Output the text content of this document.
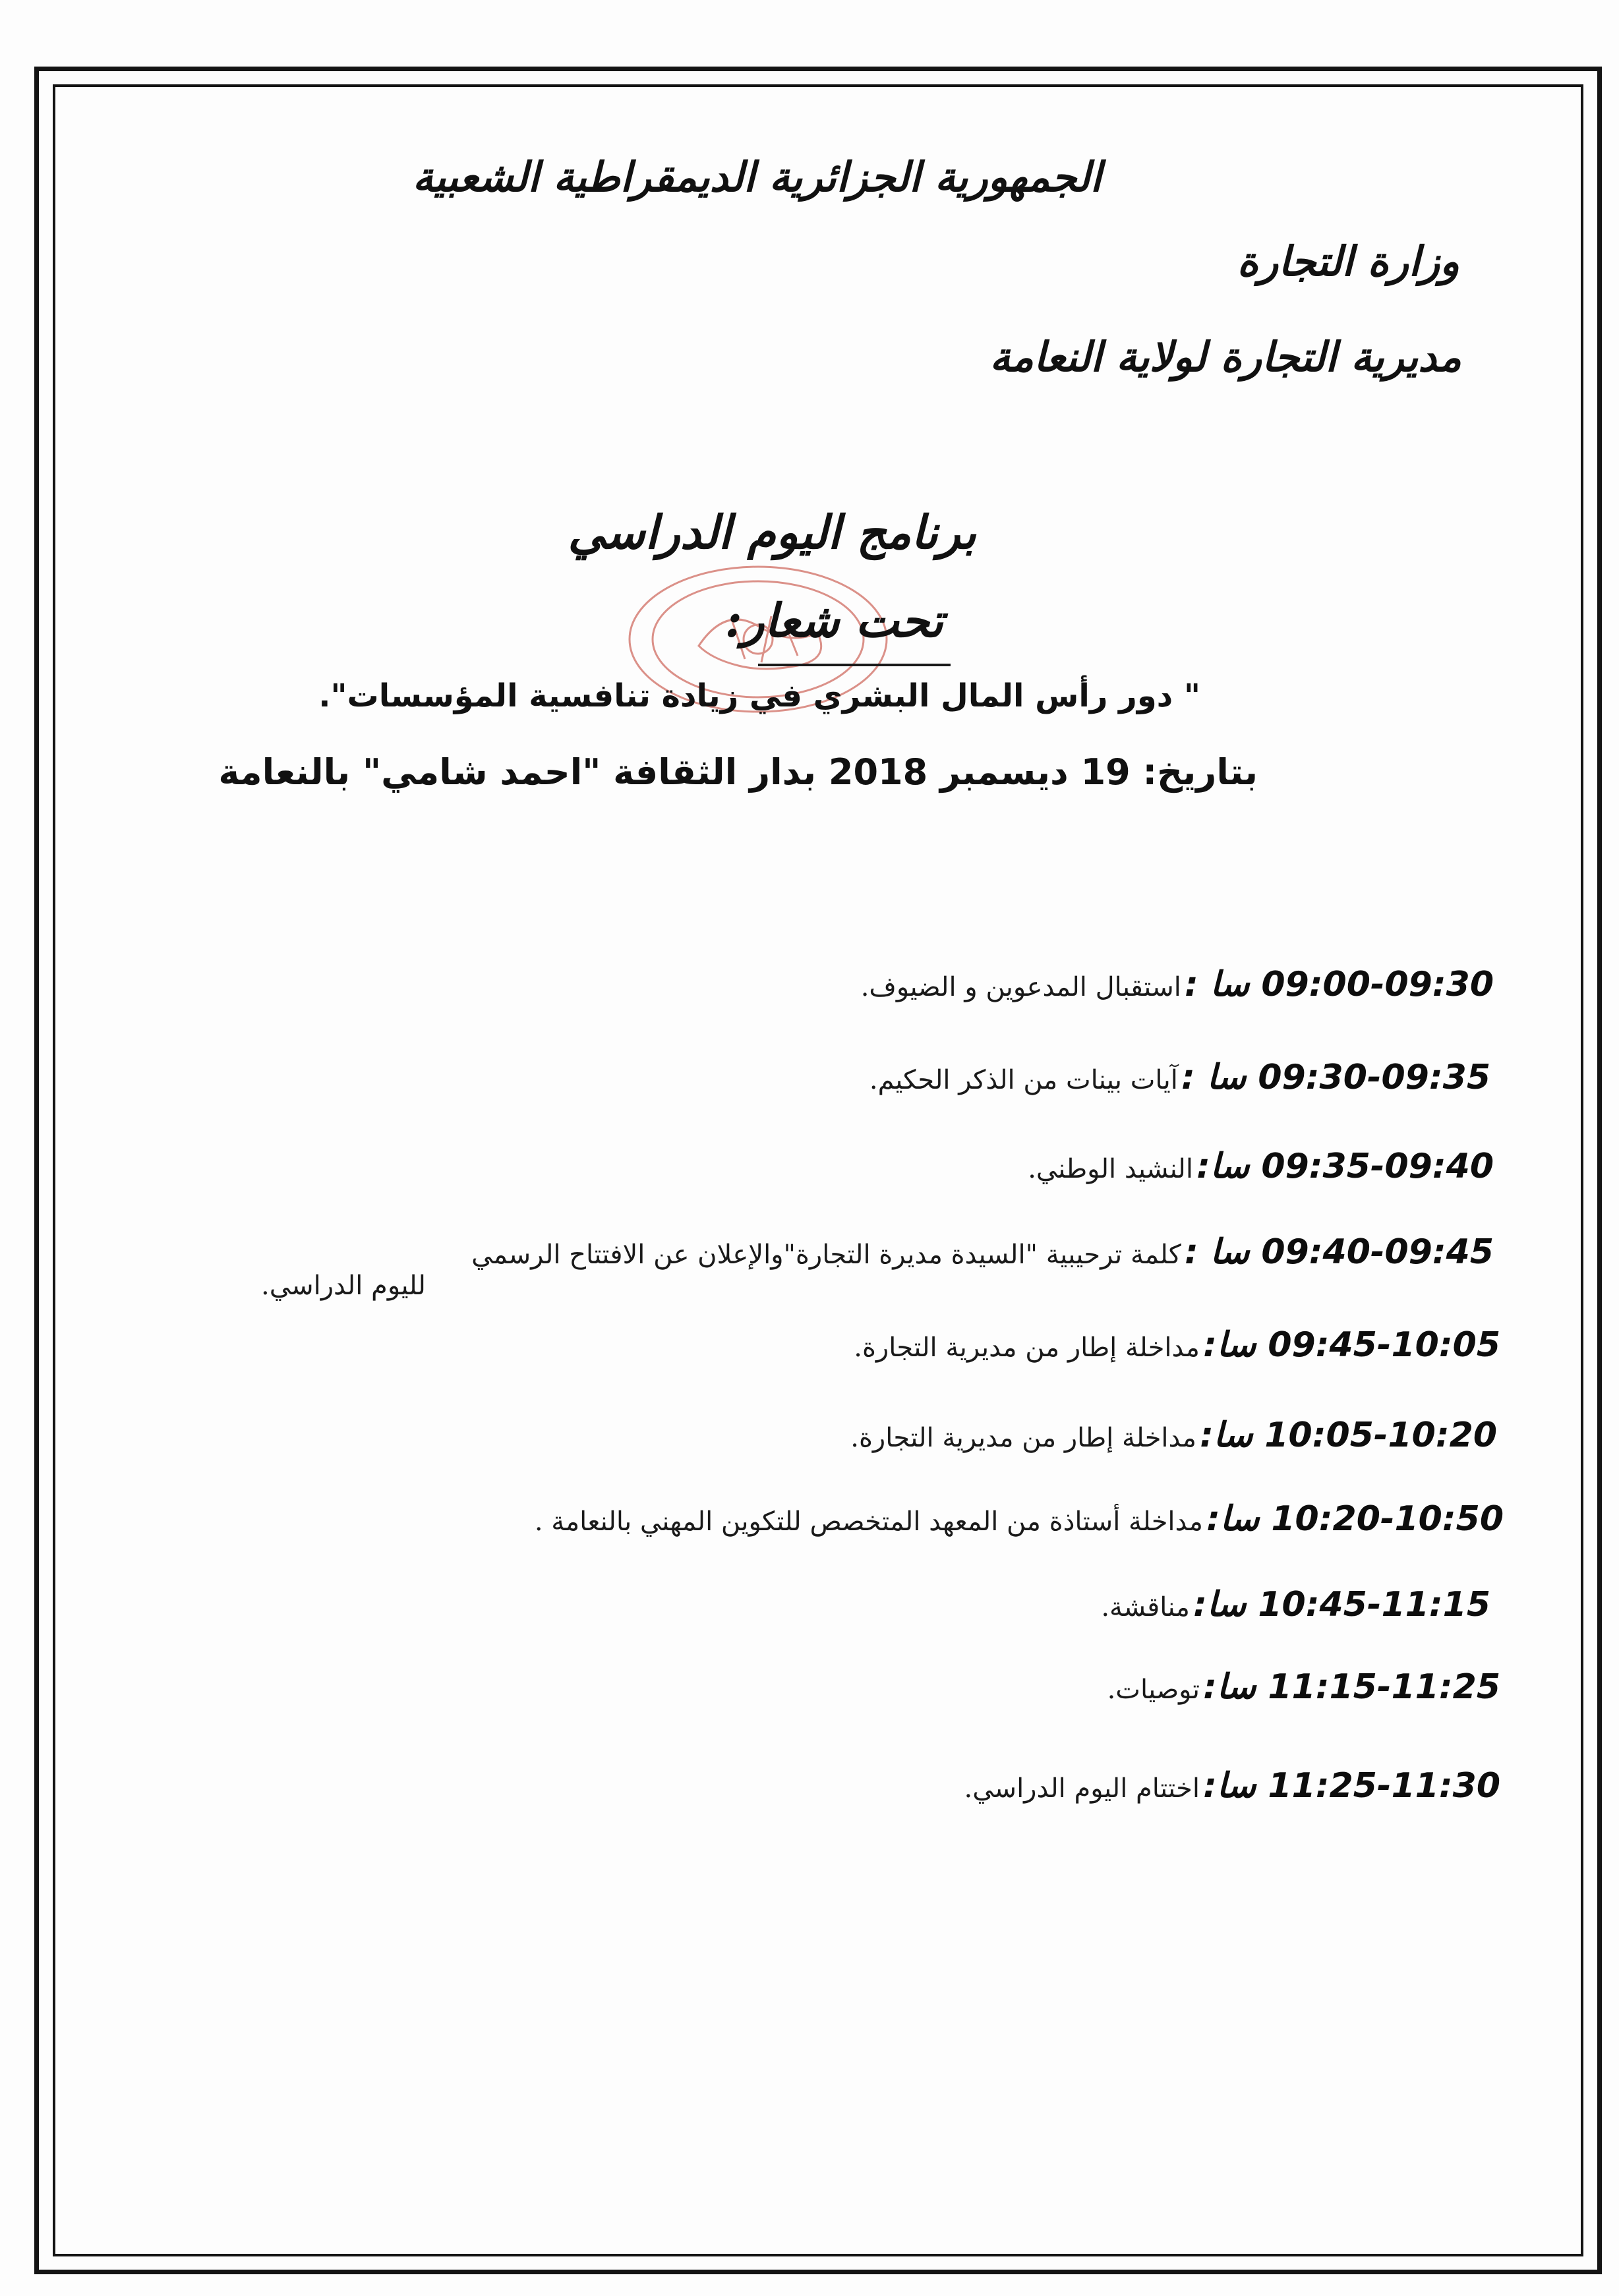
الجمهورية الجزائرية الديمقراطية الشعبية
وزارة التجارة
مديرية التجارة لولاية النعامة
برنامج اليوم الدراسي
تحت شعار:
" دور رأس المال البشري في زيادة تنافسية المؤسسات".
بتاريخ: 19 ديسمبر 2018 بدار الثقافة "احمد شامي" بالنعامة
09:00-09:30 سا : استقبال المدعوين و الضيوف.
09:30-09:35 سا : آيات بينات من الذكر الحكيم.
09:35-09:40 سا: النشيد الوطني.
09:40-09:45 سا : كلمة ترحيبية "السيدة مديرة التجارة"والإعلان عن الافتتاح الرسمي
لليوم الدراسي.
09:45-10:05 سا: مداخلة إطار من مديرية التجارة.
10:05-10:20 سا: مداخلة إطار من مديرية التجارة.
10:20-10:50 سا: مداخلة أستاذة من المعهد المتخصص للتكوين المهني بالنعامة .
10:45-11:15 سا: مناقشة.
11:15-11:25 سا: توصيات.
11:25-11:30 سا: اختتام اليوم الدراسي.
